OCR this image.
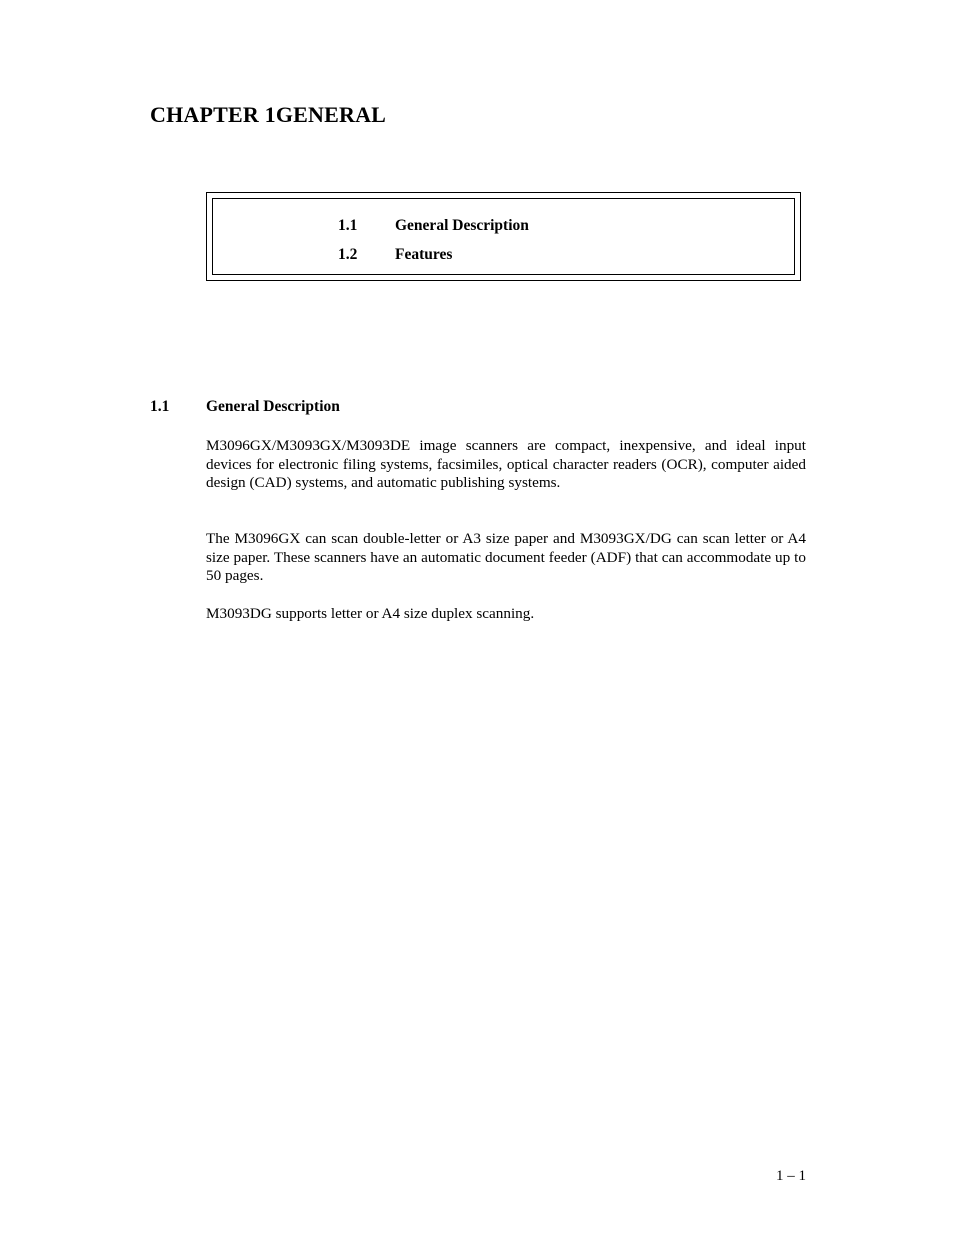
CHAPTER 1GENERAL
1.1 General Description
1.2 Features
1.1 General Description

M3096GX/M3093GX/M3093DE image scanners are compact, inexpensive, and ideal input devices for electronic filing systems, facsimiles, optical character readers (OCR), computer aided design (CAD) systems, and automatic publishing systems.

The M3096GX can scan double-letter or A3 size paper and M3093GX/DG can scan letter or A4 size paper. These scanners have an automatic document feeder (ADF) that can accommodate up to 50 pages.

M3093DG supports letter or A4 size duplex scanning.

1 – 1
